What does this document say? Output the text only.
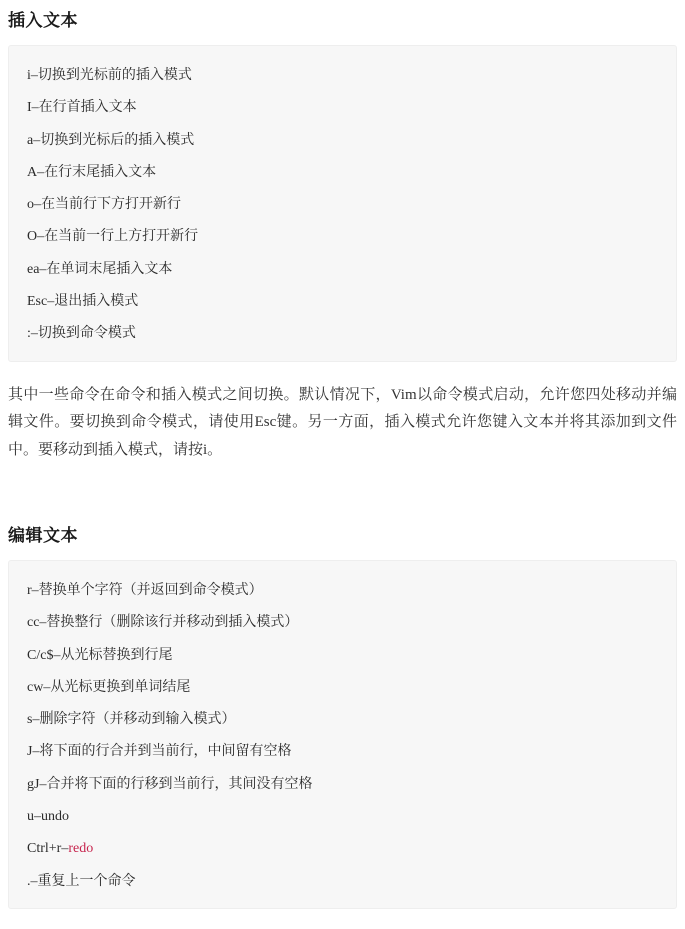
插入文本
i–切换到光标前的插入模式
I–在行首插入文本
a–切换到光标后的插入模式
A–在行末尾插入文本
o–在当前行下方打开新行
O–在当前一行上方打开新行
ea–在单词末尾插入文本
Esc–退出插入模式
:–切换到命令模式

其中一些命令在命令和插入模式之间切换。默认情况下，Vim以命令模式启动，允许您四处移动并编辑文件。要切换到命令模式，请使用Esc键。另一方面，插入模式允许您键入文本并将其添加到文件中。要移动到插入模式，请按i。

编辑文本
r–替换单个字符（并返回到命令模式）
cc–替换整行（删除该行并移动到插入模式）
C/c$–从光标替换到行尾
cw–从光标更换到单词结尾
s–删除字符（并移动到输入模式）
J–将下面的行合并到当前行，中间留有空格
gJ–合并将下面的行移到当前行，其间没有空格
u–undo
Ctrl+r–redo
.–重复上一个命令
